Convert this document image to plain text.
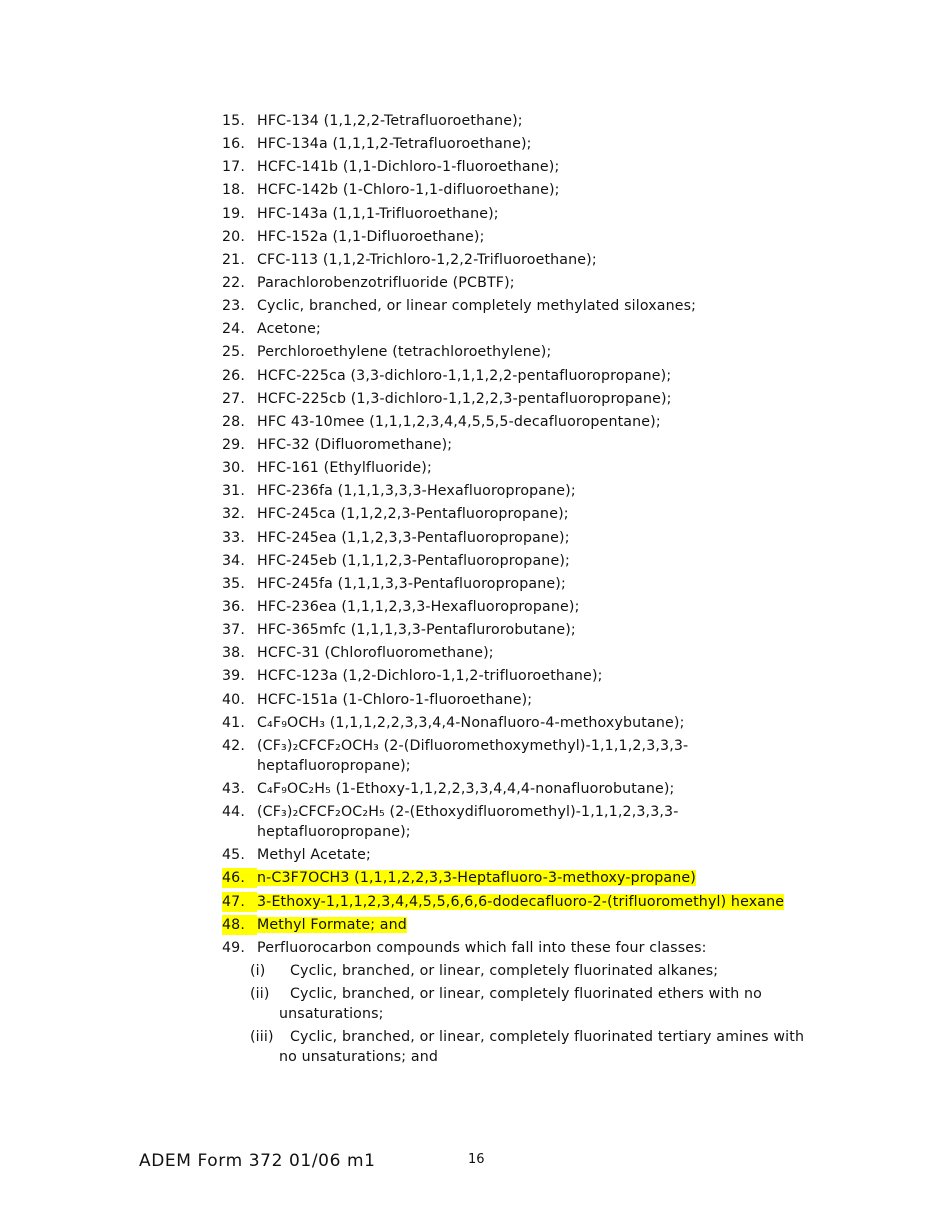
15. HFC-134 (1,1,2,2-Tetrafluoroethane);
16. HFC-134a (1,1,1,2-Tetrafluoroethane);
17. HCFC-141b (1,1-Dichloro-1-fluoroethane);
18. HCFC-142b (1-Chloro-1,1-difluoroethane);
19. HFC-143a (1,1,1-Trifluoroethane);
20. HFC-152a (1,1-Difluoroethane);
21. CFC-113 (1,1,2-Trichloro-1,2,2-Trifluoroethane);
22. Parachlorobenzotrifluoride (PCBTF);
23. Cyclic, branched, or linear completely methylated siloxanes;
24. Acetone;
25. Perchloroethylene (tetrachloroethylene);
26. HCFC-225ca (3,3-dichloro-1,1,1,2,2-pentafluoropropane);
27. HCFC-225cb (1,3-dichloro-1,1,2,2,3-pentafluoropropane);
28. HFC 43-10mee (1,1,1,2,3,4,4,5,5,5-decafluoropentane);
29. HFC-32 (Difluoromethane);
30. HFC-161 (Ethylfluoride);
31. HFC-236fa (1,1,1,3,3,3-Hexafluoropropane);
32. HFC-245ca (1,1,2,2,3-Pentafluoropropane);
33. HFC-245ea (1,1,2,3,3-Pentafluoropropane);
34. HFC-245eb (1,1,1,2,3-Pentafluoropropane);
35. HFC-245fa (1,1,1,3,3-Pentafluoropropane);
36. HFC-236ea (1,1,1,2,3,3-Hexafluoropropane);
37. HFC-365mfc (1,1,1,3,3-Pentaflurorobutane);
38. HCFC-31 (Chlorofluoromethane);
39. HCFC-123a (1,2-Dichloro-1,1,2-trifluoroethane);
40. HCFC-151a (1-Chloro-1-fluoroethane);
41. C₄F₉OCH₃ (1,1,1,2,2,3,3,4,4-Nonafluoro-4-methoxybutane);
42. (CF₃)₂CFCF₂OCH₃ (2-(Difluoromethoxymethyl)-1,1,1,2,3,3,3-heptafluoropropane);
43. C₄F₉OC₂H₅ (1-Ethoxy-1,1,2,2,3,3,4,4,4-nonafluorobutane);
44. (CF₃)₂CFCF₂OC₂H₅ (2-(Ethoxydifluoromethyl)-1,1,1,2,3,3,3-heptafluoropropane);
45. Methyl Acetate;
46. n-C3F7OCH3 (1,1,1,2,2,3,3-Heptafluoro-3-methoxy-propane)
47. 3-Ethoxy-1,1,1,2,3,4,4,5,5,6,6,6-dodecafluoro-2-(trifluoromethyl) hexane
48. Methyl Formate; and
49. Perfluorocarbon compounds which fall into these four classes:
(i) Cyclic, branched, or linear, completely fluorinated alkanes;
(ii) Cyclic, branched, or linear, completely fluorinated ethers with no unsaturations;
(iii) Cyclic, branched, or linear, completely fluorinated tertiary amines with no unsaturations; and
ADEM Form 372 01/06 m1	16
